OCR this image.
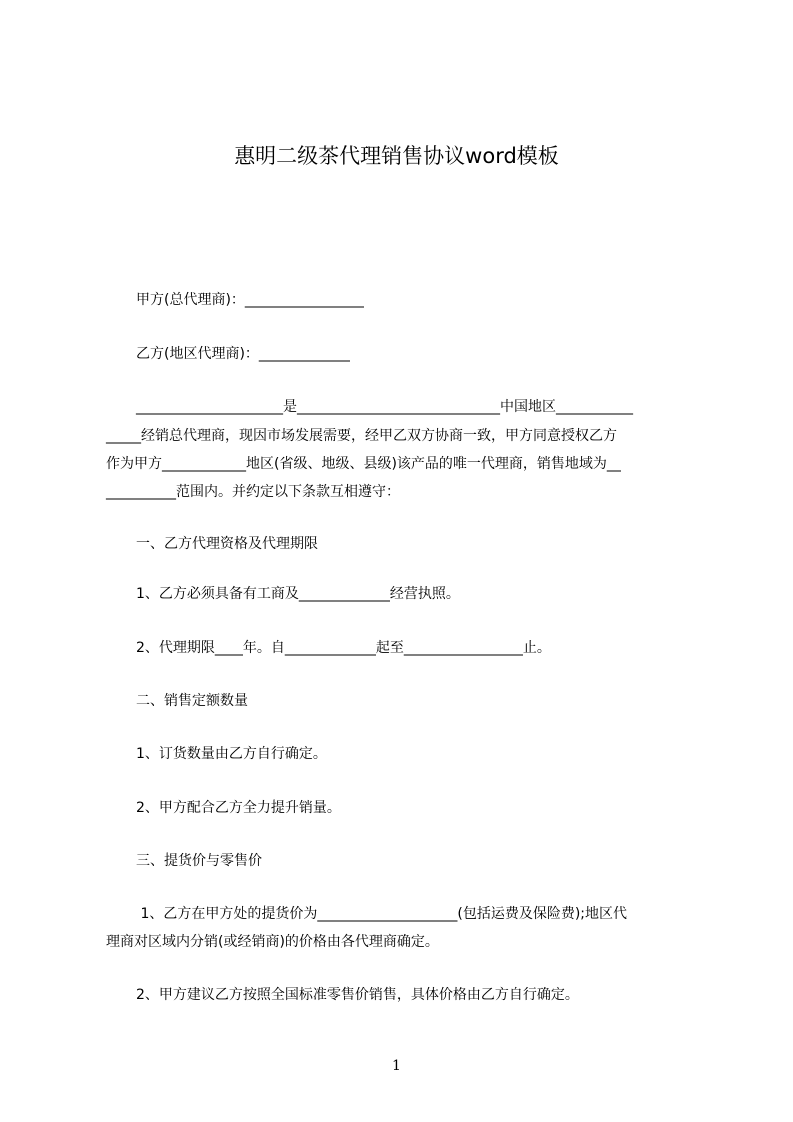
惠明二级茶代理销售协议word模板
甲方(总代理商)：_________________
乙方(地区代理商)：_____________
_____________________是_____________________________中国地区___________
_____经销总代理商，现因市场发展需要，经甲乙双方协商一致，甲方同意授权乙方
作为甲方____________地区(省级、地级、县级)该产品的唯一代理商，销售地域为__
__________范围内。并约定以下条款互相遵守：
一、乙方代理资格及代理期限
1、乙方必须具备有工商及_____________经营执照。
2、代理期限____年。自_____________起至_________________止。
二、销售定额数量
1、订货数量由乙方自行确定。
2、甲方配合乙方全力提升销量。
三、提货价与零售价
1、乙方在甲方处的提货价为____________________(包括运费及保险费);地区代
理商对区域内分销(或经销商)的价格由各代理商确定。
2、甲方建议乙方按照全国标准零售价销售，具体价格由乙方自行确定。
1
